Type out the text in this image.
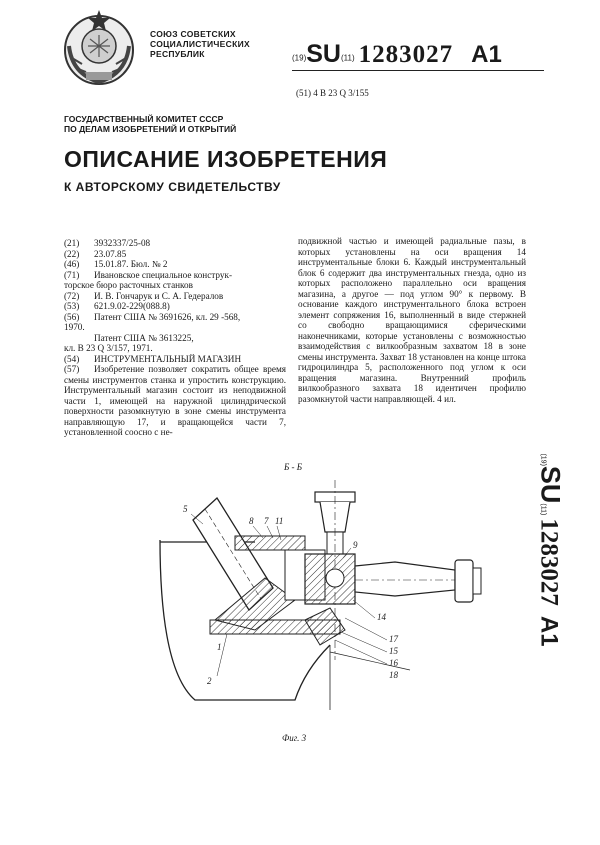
СОЮЗ СОВЕТСКИХ
СОЦИАЛИСТИЧЕСКИХ
РЕСПУБЛИК	(19)SU(11) 1283027 A1
(51) 4 В 23 Q 3/155
ГОСУДАРСТВЕННЫЙ КОМИТЕТ СССР
ПО ДЕЛАМ ИЗОБРЕТЕНИЙ И ОТКРЫТИЙ
ОПИСАНИЕ ИЗОБРЕТЕНИЯ
К АВТОРСКОМУ СВИДЕТЕЛЬСТВУ
(21) 3932337/25-08
(22) 23.07.85
(46) 15.01.87. Бюл. № 2
(71) Ивановское специальное конструк-
торское бюро расточных станков
(72) И. В. Гончарук и С. А. Гедералов
(53) 621.9.02-229(088.8)
(56) Патент США № 3691626, кл. 29 -568,
1970.
Патент США № 3613225,
кл. В 23 Q 3/157, 1971.
(54) ИНСТРУМЕНТАЛЬНЫЙ МАГАЗИН
(57) Изобретение позволяет сократить общее время смены инструментов станка и упростить конструкцию. Инструментальный магазин состоит из неподвижной части 1, имеющей на наружной цилиндрической поверхности разомкнутую в зоне смены инструмента направляющую 17, и вращающейся части 7, установленной соосно с не-
подвижной частью и имеющей радиальные пазы, в которых установлены на оси вращения 14 инструментальные блоки 6. Каждый инструментальный блок 6 содержит два инструментальных гнезда, одно из которых расположено параллельно оси вращения магазина, а другое — под углом 90° к первому. В основание каждого инструментального блока встроен элемент сопряжения 16, выполненный в виде стержней со свободно вращающимися сферическими наконечниками, которые установлены с возможностью взаимодействия с вилкообразным захватом 18 в зоне смены инструмента. Захват 18 установлен на конце штока гидроцилиндра 5, расположенного под углом к оси вращения магазина. Внутренний профиль вилкообразного захвата 18 идентичен профилю разомкнутой части направляющей. 4 ил.
Б - Б
5
8 7 11
9
1
2
14
17
15
16
18
Фиг. 3
(19)SU(11)1283027A1
